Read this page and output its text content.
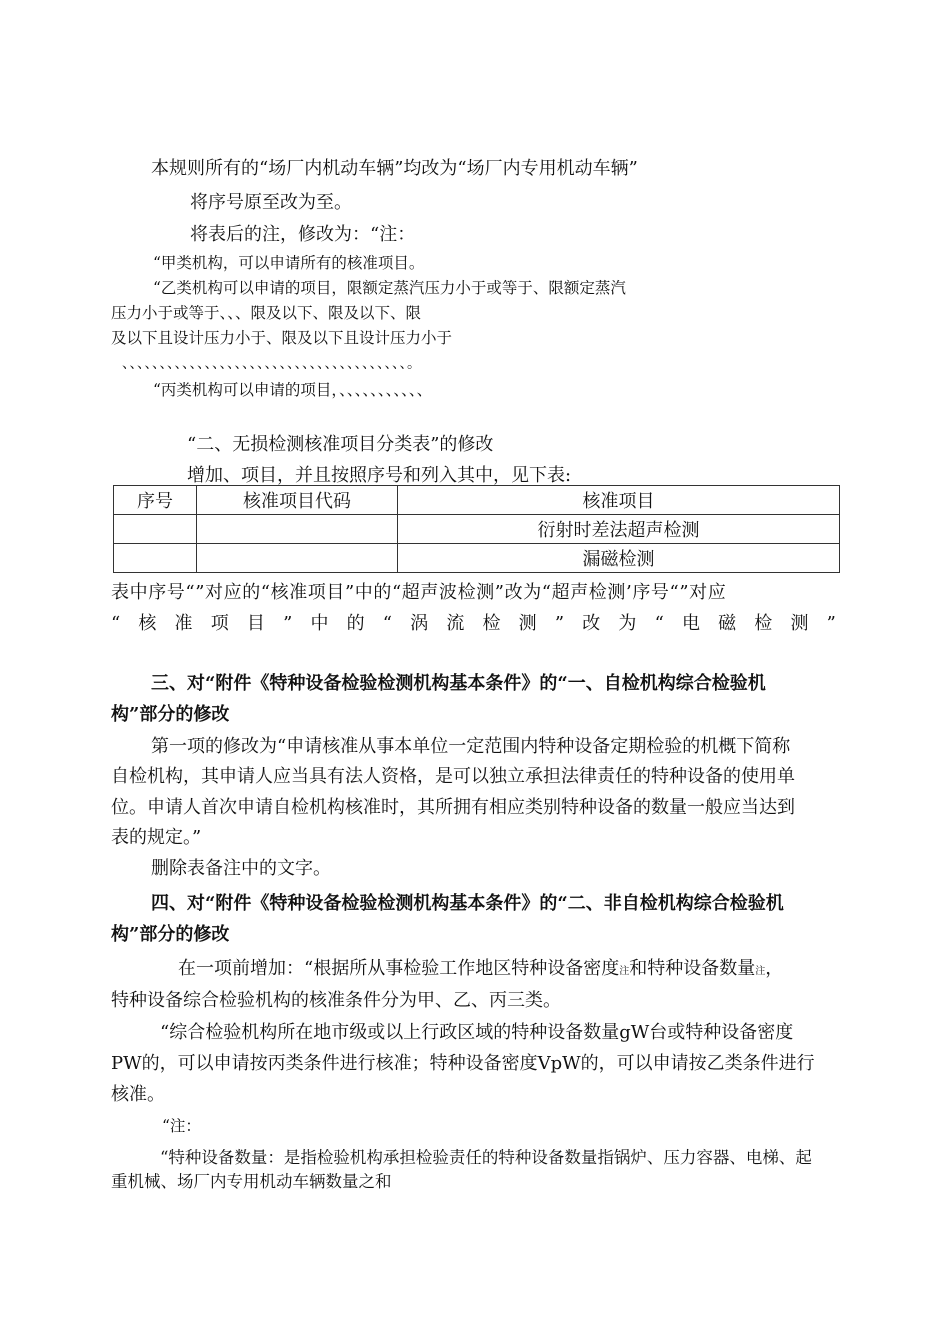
本规则所有的“场厂内机动车辆”均改为“场厂内专用机动车辆”
将序号原至改为至。
将表后的注，修改为：“注：
“甲类机构，可以申请所有的核准项目。
“乙类机构可以申请的项目，限额定蒸汽压力小于或等于、限额定蒸汽
压力小于或等于、、、限及以下、限及以下、限
及以下且设计压力小于、限及以下且设计压力小于
、、、、、、、、、、、、、、、、、、、、、、、、、、、、、、、、、、、、、、。
“丙类机构可以申请的项目，、、、、、、、、、、、
“二、无损检测核准项目分类表”的修改
增加、项目，并且按照序号和列入其中，见下表:
序号	核准项目代码	核准项目
		衍射时差法超声检测
		漏磁检测
表中序号“”对应的“核准项目”中的“超声波检测”改为“超声检测’序号“”对应
“ 核 准 项 目 ” 中 的 “ 涡 流 检 测 ” 改 为 “ 电 磁 检 测 ”
三、对“附件《特种设备检验检测机构基本条件》的“一、自检机构综合检验机
构”部分的修改
第一项的修改为“申请核准从事本单位一定范围内特种设备定期检验的机概下简称
自检机构，其申请人应当具有法人资格，是可以独立承担法律责任的特种设备的使用单
位。申请人首次申请自检机构核准时，其所拥有相应类别特种设备的数量一般应当达到
表的规定。”
删除表备注中的文字。
四、对“附件《特种设备检验检测机构基本条件》的“二、非自检机构综合检验机
构”部分的修改
在一项前增加：“根据所从事检验工作地区特种设备密度注和特种设备数量注，
特种设备综合检验机构的核准条件分为甲、乙、丙三类。
“综合检验机构所在地市级或以上行政区域的特种设备数量gW台或特种设备密度
PW的，可以申请按丙类条件进行核准；特种设备密度VpW的，可以申请按乙类条件进行
核准。
“注：
“特种设备数量：是指检验机构承担检验责任的特种设备数量指锅炉、压力容器、电梯、起
重机械、场厂内专用机动车辆数量之和
